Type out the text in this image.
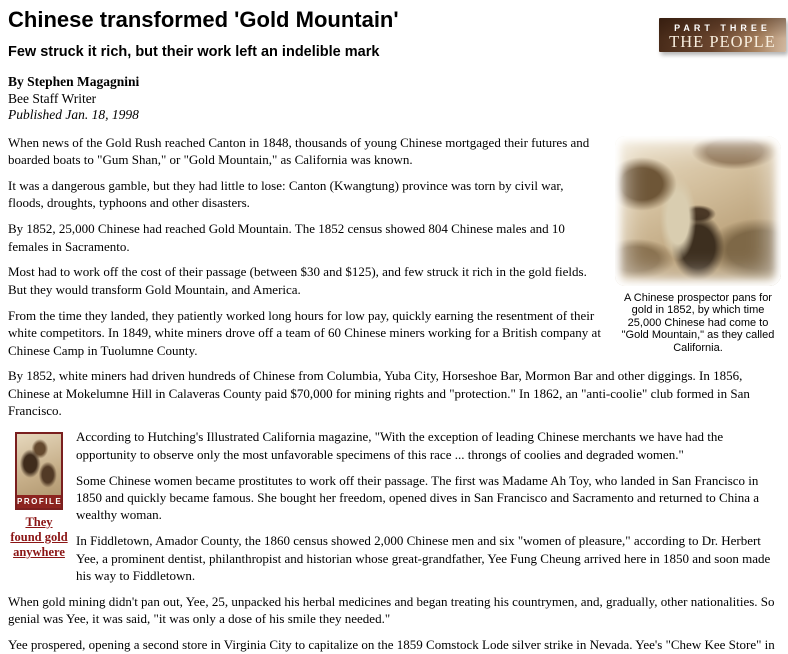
PART THREE
THE PEOPLE
Chinese transformed 'Gold Mountain'
Few struck it rich, but their work left an indelible mark
By Stephen Magagnini
Bee Staff Writer
Published Jan. 18, 1998
A Chinese prospector pans for gold in 1852, by which time 25,000 Chinese had come to "Gold Mountain," as they called California.

When news of the Gold Rush reached Canton in 1848, thousands of young Chinese mortgaged their futures and boarded boats to "Gum Shan," or "Gold Mountain," as California was known.

It was a dangerous gamble, but they had little to lose: Canton (Kwangtung) province was torn by civil war, floods, droughts, typhoons and other disasters.

By 1852, 25,000 Chinese had reached Gold Mountain. The 1852 census showed 804 Chinese males and 10 females in Sacramento.

Most had to work off the cost of their passage (between $30 and $125), and few struck it rich in the gold fields. But they would transform Gold Mountain, and America.

From the time they landed, they patiently worked long hours for low pay, quickly earning the resentment of their white competitors. In 1849, white miners drove off a team of 60 Chinese miners working for a British company at Chinese Camp in Tuolumne County.

By 1852, white miners had driven hundreds of Chinese from Columbia, Yuba City, Horseshoe Bar, Mormon Bar and other diggings. In 1856, Chinese at Mokelumne Hill in Calaveras County paid $70,000 for mining rights and "protection." In 1862, an "anti-coolie" club formed in San Francisco.

PROFILE
They
found gold
anywhere

According to Hutching's Illustrated California magazine, "With the exception of leading Chinese merchants we have had the opportunity to observe only the most unfavorable specimens of this race ... throngs of coolies and degraded women."

Some Chinese women became prostitutes to work off their passage. The first was Madame Ah Toy, who landed in San Francisco in 1850 and quickly became famous. She bought her freedom, opened dives in San Francisco and Sacramento and returned to China a wealthy woman.

In Fiddletown, Amador County, the 1860 census showed 2,000 Chinese men and six "women of pleasure," according to Dr. Herbert Yee, a prominent dentist, philanthropist and historian whose great-grandfather, Yee Fung Cheung arrived here in 1850 and soon made his way to Fiddletown.

When gold mining didn't pan out, Yee, 25, unpacked his herbal medicines and began treating his countrymen, and, gradually, other nationalities. So genial was Yee, it was said, "it was only a dose of his smile they needed."

Yee prospered, opening a second store in Virginia City to capitalize on the 1859 Comstock Lode silver strike in Nevada. Yee's "Chew Kee Store" in
